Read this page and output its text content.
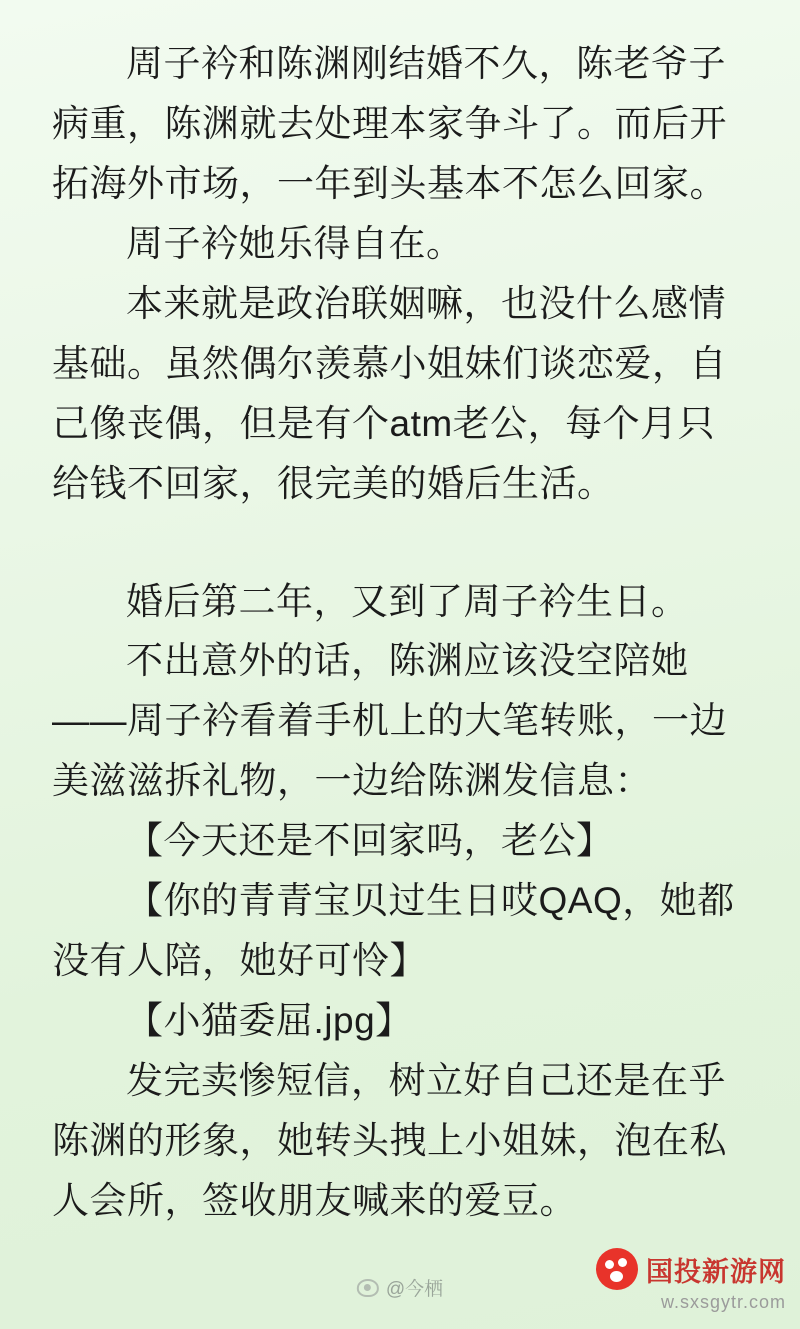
周子衿和陈渊刚结婚不久，陈老爷子病重，陈渊就去处理本家争斗了。而后开拓海外市场，一年到头基本不怎么回家。

周子衿她乐得自在。

本来就是政治联姻嘛，也没什么感情基础。虽然偶尔羡慕小姐妹们谈恋爱，自己像丧偶，但是有个atm老公，每个月只给钱不回家，很完美的婚后生活。

婚后第二年，又到了周子衿生日。

不出意外的话，陈渊应该没空陪她——周子衿看着手机上的大笔转账，一边美滋滋拆礼物，一边给陈渊发信息：

【今天还是不回家吗，老公】

【你的青青宝贝过生日哎QAQ，她都没有人陪，她好可怜】

【小猫委屈.jpg】

发完卖惨短信，树立好自己还是在乎陈渊的形象，她转头拽上小姐妹，泡在私人会所，签收朋友喊来的爱豆。

@今栖
国投新游网
w.sxsgytr.com
